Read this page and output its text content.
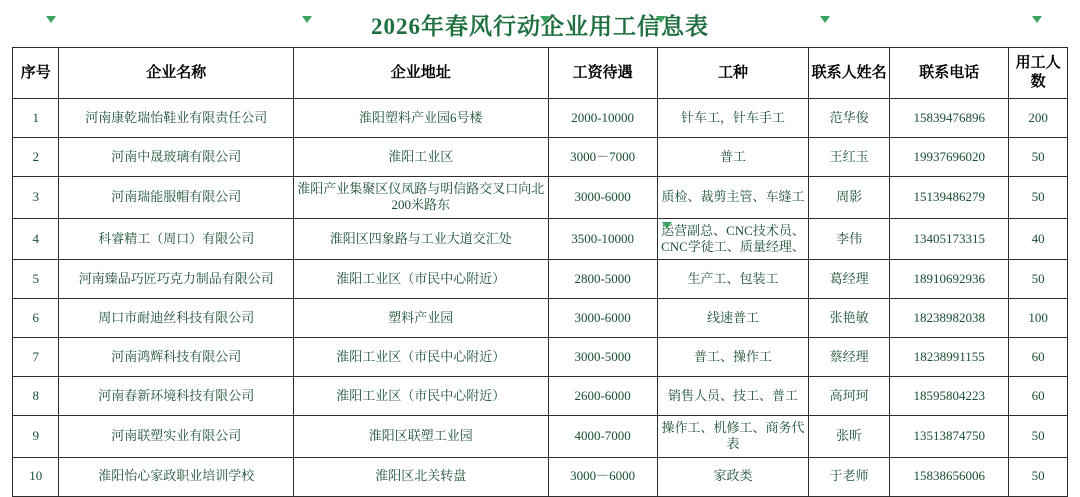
2026年春风行动企业用工信息表
序号	企业名称	企业地址	工资待遇	工种	联系人姓名	联系电话	用工人数
1	河南康乾瑞怡鞋业有限责任公司	淮阳塑料产业园6号楼	2000-10000	针车工，针车手工	范华俊	15839476896	200
2	河南中晟玻璃有限公司	淮阳工业区	3000－7000	普工	王红玉	19937696020	50
3	河南瑞能服帽有限公司	淮阳产业集聚区仪凤路与明信路交叉口向北200米路东	3000-6000	质检、裁剪主管、车缝工	周影	15139486279	50
4	科睿精工（周口）有限公司	淮阳区四象路与工业大道交汇处	3500-10000	运营副总、CNC技术员、CNC学徒工、质量经理、	李伟	13405173315	40
5	河南臻品巧匠巧克力制品有限公司	淮阳工业区（市民中心附近）	2800-5000	生产工、包装工	葛经理	18910692936	50
6	周口市耐迪丝科技有限公司	塑料产业园	3000-6000	线速普工	张艳敏	18238982038	100
7	河南鸿辉科技有限公司	淮阳工业区（市民中心附近）	3000-5000	普工、操作工	蔡经理	18238991155	60
8	河南春新环境科技有限公司	淮阳工业区（市民中心附近）	2600-6000	销售人员、技工、普工	高珂珂	18595804223	60
9	河南联塑实业有限公司	淮阳区联塑工业园	4000-7000	操作工、机修工、商务代表	张昕	13513874750	50
10	淮阳怡心家政职业培训学校	淮阳区北关转盘	3000－6000	家政类	于老师	15838656006	50
